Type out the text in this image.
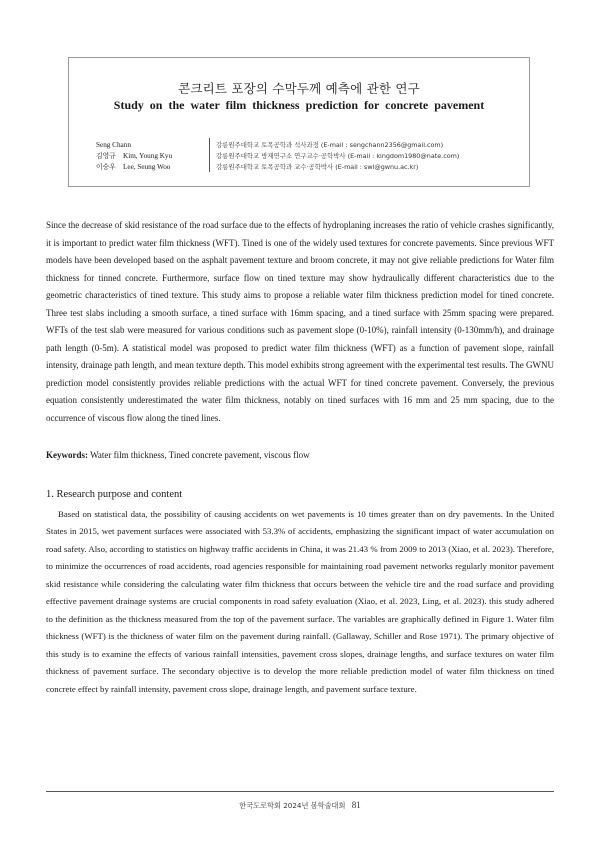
콘크리트 포장의 수막두께 예측에 관한 연구
Study on the water film thickness prediction for concrete pavement
Seng Chann	강릉원주대학교 토목공학과 석사과정 (E-mail : sengchann2356@gmail.com)
김영규 Kim, Young Kyu	강릉원주대학교 방재연구소 연구교수·공학박사 (E-mail : kingdom1980@nate.com)
이승우 Lee, Seung Woo	강릉원주대학교 토목공학과 교수·공학박사 (E-mail : swl@gwnu.ac.kr)

Since the decrease of skid resistance of the road surface due to the effects of hydroplaning increases the ratio of vehicle crashes significantly, it is important to predict water film thickness (WFT). Tined is one of the widely used textures for concrete pavements. Since previous WFT models have been developed based on the asphalt pavement texture and broom concrete, it may not give reliable predictions for Water film thickness for tinned concrete. Furthermore, surface flow on tined texture may show hydraulically different characteristics due to the geometric characteristics of tined texture. This study aims to propose a reliable water film thickness prediction model for tined concrete. Three test slabs including a smooth surface, a tined surface with 16mm spacing, and a tined surface with 25mm spacing were prepared. WFTs of the test slab were measured for various conditions such as pavement slope (0-10%), rainfall intensity (0-130mm/h), and drainage path length (0-5m). A statistical model was proposed to predict water film thickness (WFT) as a function of pavement slope, rainfall intensity, drainage path length, and mean texture depth. This model exhibits strong agreement with the experimental test results. The GWNU prediction model consistently provides reliable predictions with the actual WFT for tined concrete pavement. Conversely, the previous equation consistently underestimated the water film thickness, notably on tined surfaces with 16 mm and 25 mm spacing, due to the occurrence of viscous flow along the tined lines.

Keywords: Water film thickness, Tined concrete pavement, viscous flow
1. Research purpose and content

Based on statistical data, the possibility of causing accidents on wet pavements is 10 times greater than on dry pavements. In the United States in 2015, wet pavement surfaces were associated with 53.3% of accidents, emphasizing the significant impact of water accumulation on road safety. Also, according to statistics on highway traffic accidents in China, it was 21.43 % from 2009 to 2013 (Xiao, et al. 2023). Therefore, to minimize the occurrences of road accidents, road agencies responsible for maintaining road pavement networks regularly monitor pavement skid resistance while considering the calculating water film thickness that occurs between the vehicle tire and the road surface and providing effective pavement drainage systems are crucial components in road safety evaluation (Xiao, et al. 2023, Ling, et al. 2023). this study adhered to the definition as the thickness measured from the top of the pavement surface. The variables are graphically defined in Figure 1. Water film thickness (WFT) is the thickness of water film on the pavement during rainfall. (Gallaway, Schiller and Rose 1971). The primary objective of this study is to examine the effects of various rainfall intensities, pavement cross slopes, drainage lengths, and surface textures on water film thickness of pavement surface. The secondary objective is to develop the more reliable prediction model of water film thickness on tined concrete effect by rainfall intensity, pavement cross slope, drainage length, and pavement surface texture.

한국도로학회 2024년 봄학술대회 81
